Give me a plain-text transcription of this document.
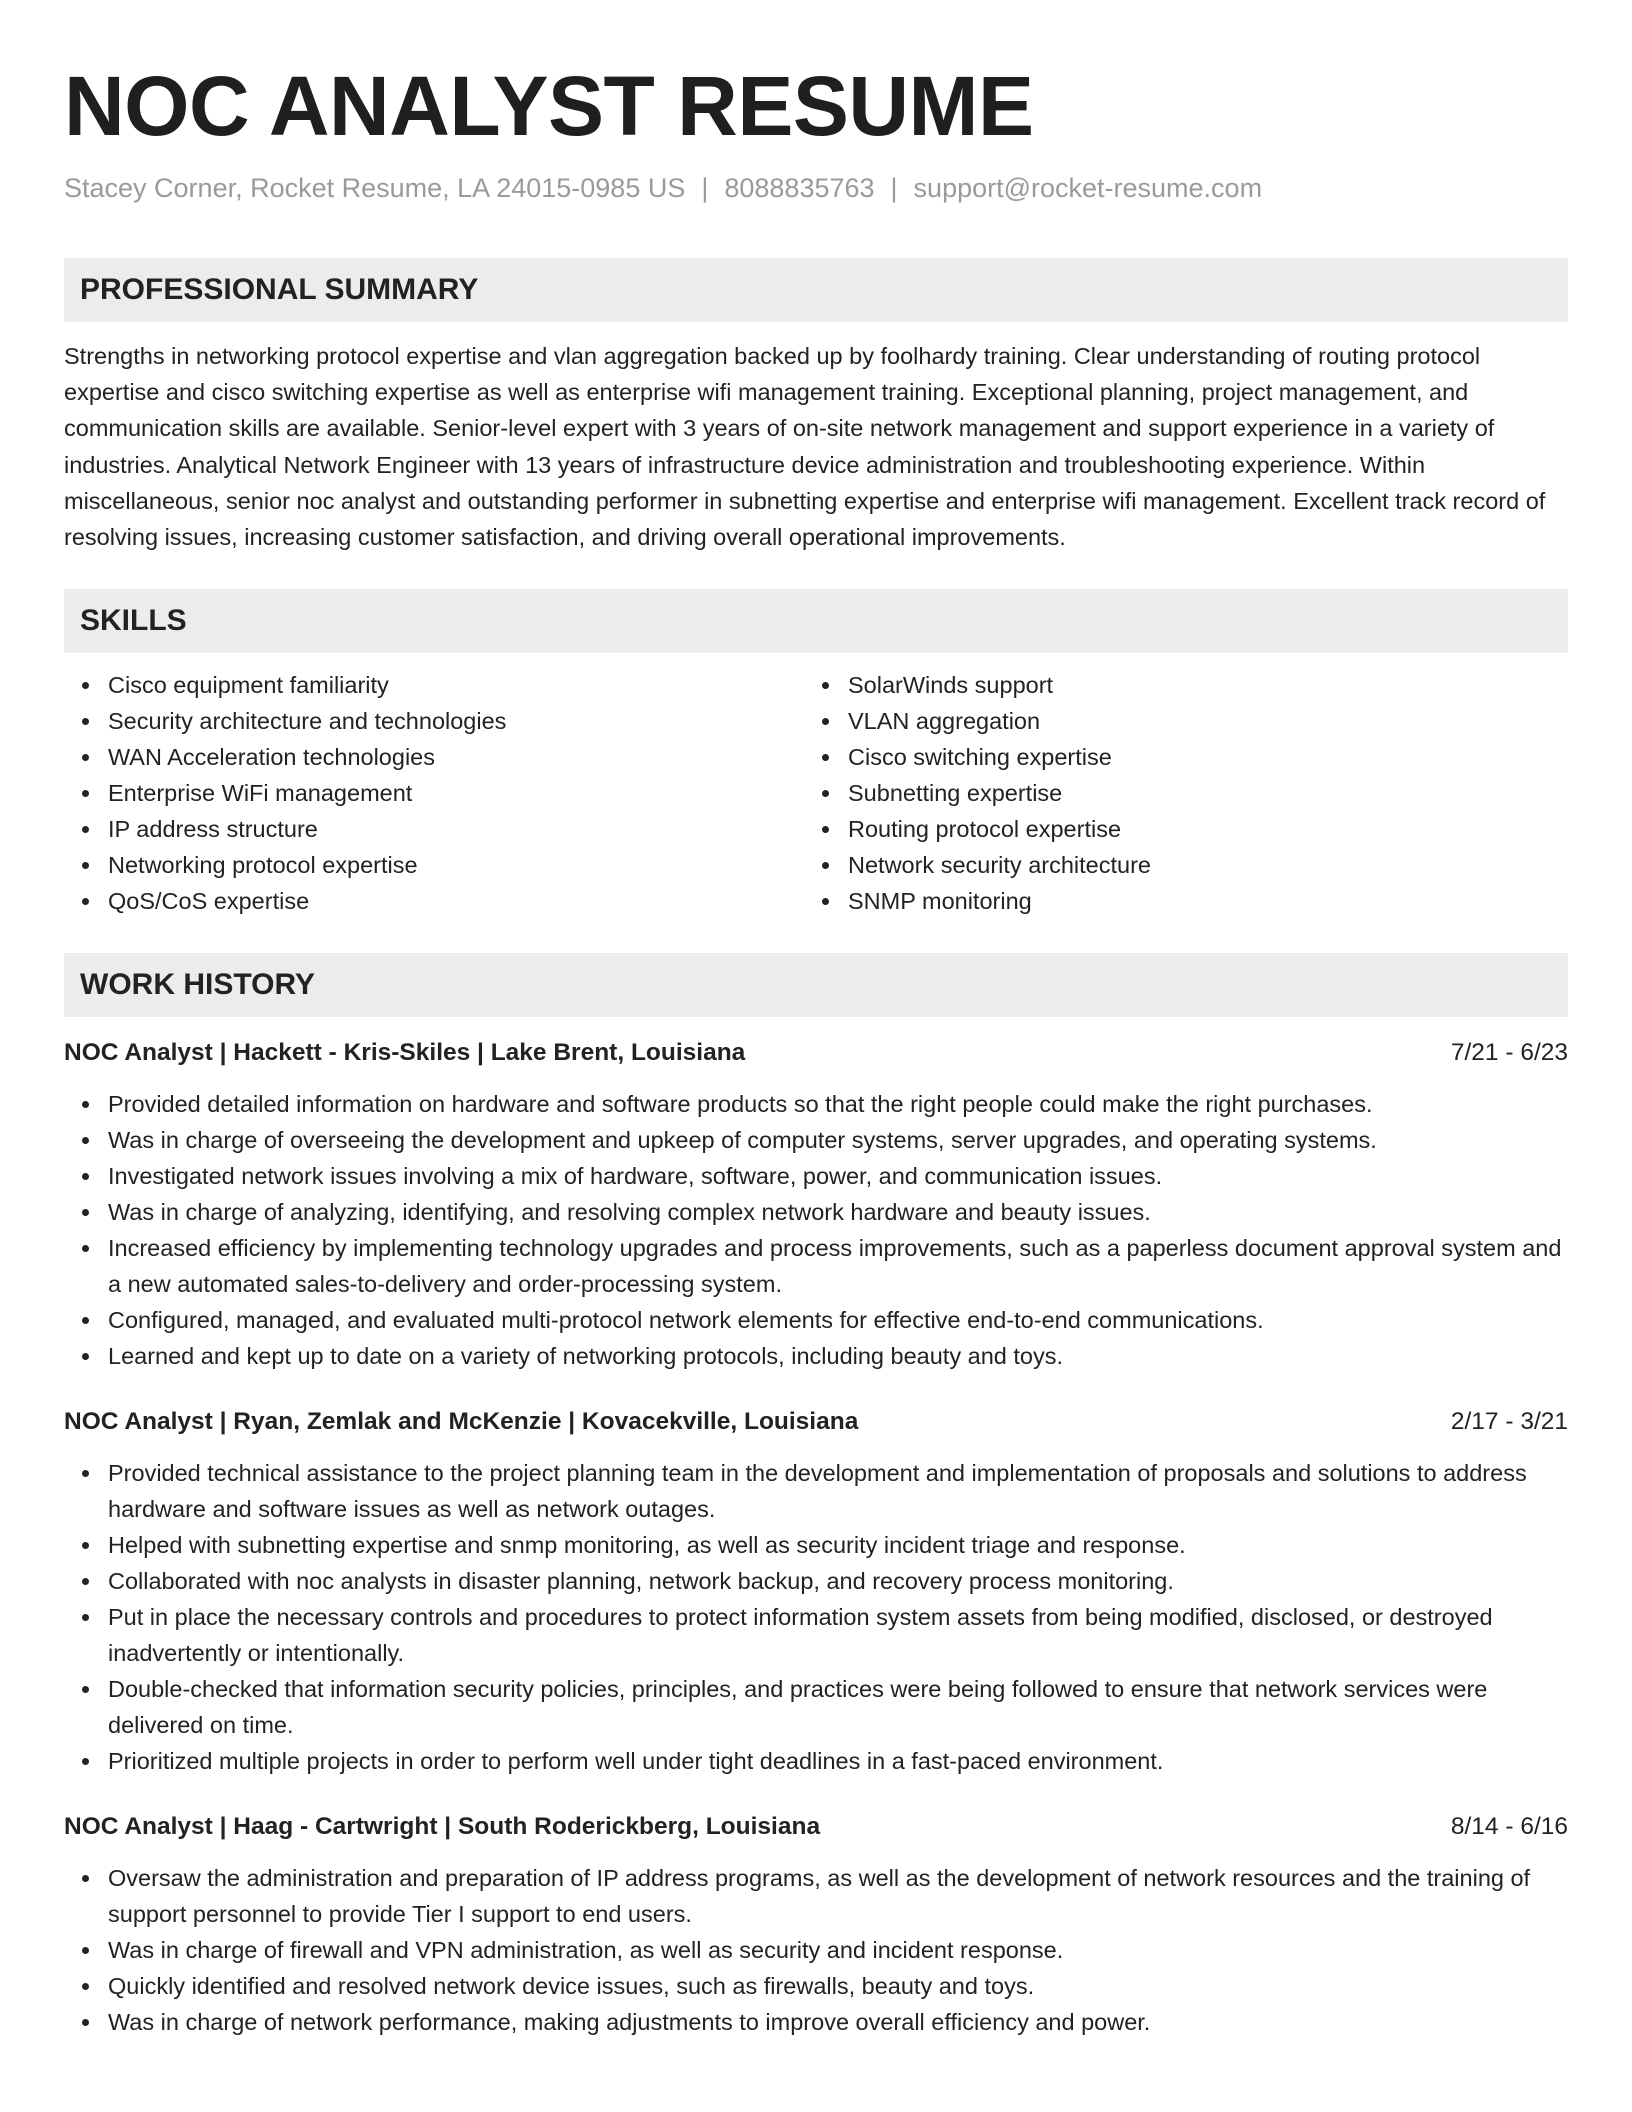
NOC ANALYST RESUME
Stacey Corner, Rocket Resume, LA 24015-0985 US | 8088835763 | support@rocket-resume.com
PROFESSIONAL SUMMARY

Strengths in networking protocol expertise and vlan aggregation backed up by foolhardy training. Clear understanding of routing protocol expertise and cisco switching expertise as well as enterprise wifi management training. Exceptional planning, project management, and communication skills are available. Senior-level expert with 3 years of on-site network management and support experience in a variety of industries. Analytical Network Engineer with 13 years of infrastructure device administration and troubleshooting experience. Within miscellaneous, senior noc analyst and outstanding performer in subnetting expertise and enterprise wifi management. Excellent track record of resolving issues, increasing customer satisfaction, and driving overall operational improvements.

SKILLS
Cisco equipment familiarity
Security architecture and technologies
WAN Acceleration technologies
Enterprise WiFi management
IP address structure
Networking protocol expertise
QoS/CoS expertise
SolarWinds support
VLAN aggregation
Cisco switching expertise
Subnetting expertise
Routing protocol expertise
Network security architecture
SNMP monitoring
WORK HISTORY
NOC Analyst | Hackett - Kris-Skiles | Lake Brent, Louisiana	7/21 - 6/23
Provided detailed information on hardware and software products so that the right people could make the right purchases.
Was in charge of overseeing the development and upkeep of computer systems, server upgrades, and operating systems.
Investigated network issues involving a mix of hardware, software, power, and communication issues.
Was in charge of analyzing, identifying, and resolving complex network hardware and beauty issues.
Increased efficiency by implementing technology upgrades and process improvements, such as a paperless document approval system and a new automated sales-to-delivery and order-processing system.
Configured, managed, and evaluated multi-protocol network elements for effective end-to-end communications.
Learned and kept up to date on a variety of networking protocols, including beauty and toys.
NOC Analyst | Ryan, Zemlak and McKenzie | Kovacekville, Louisiana	2/17 - 3/21
Provided technical assistance to the project planning team in the development and implementation of proposals and solutions to address hardware and software issues as well as network outages.
Helped with subnetting expertise and snmp monitoring, as well as security incident triage and response.
Collaborated with noc analysts in disaster planning, network backup, and recovery process monitoring.
Put in place the necessary controls and procedures to protect information system assets from being modified, disclosed, or destroyed inadvertently or intentionally.
Double-checked that information security policies, principles, and practices were being followed to ensure that network services were delivered on time.
Prioritized multiple projects in order to perform well under tight deadlines in a fast-paced environment.
NOC Analyst | Haag - Cartwright | South Roderickberg, Louisiana	8/14 - 6/16
Oversaw the administration and preparation of IP address programs, as well as the development of network resources and the training of support personnel to provide Tier I support to end users.
Was in charge of firewall and VPN administration, as well as security and incident response.
Quickly identified and resolved network device issues, such as firewalls, beauty and toys.
Was in charge of network performance, making adjustments to improve overall efficiency and power.
